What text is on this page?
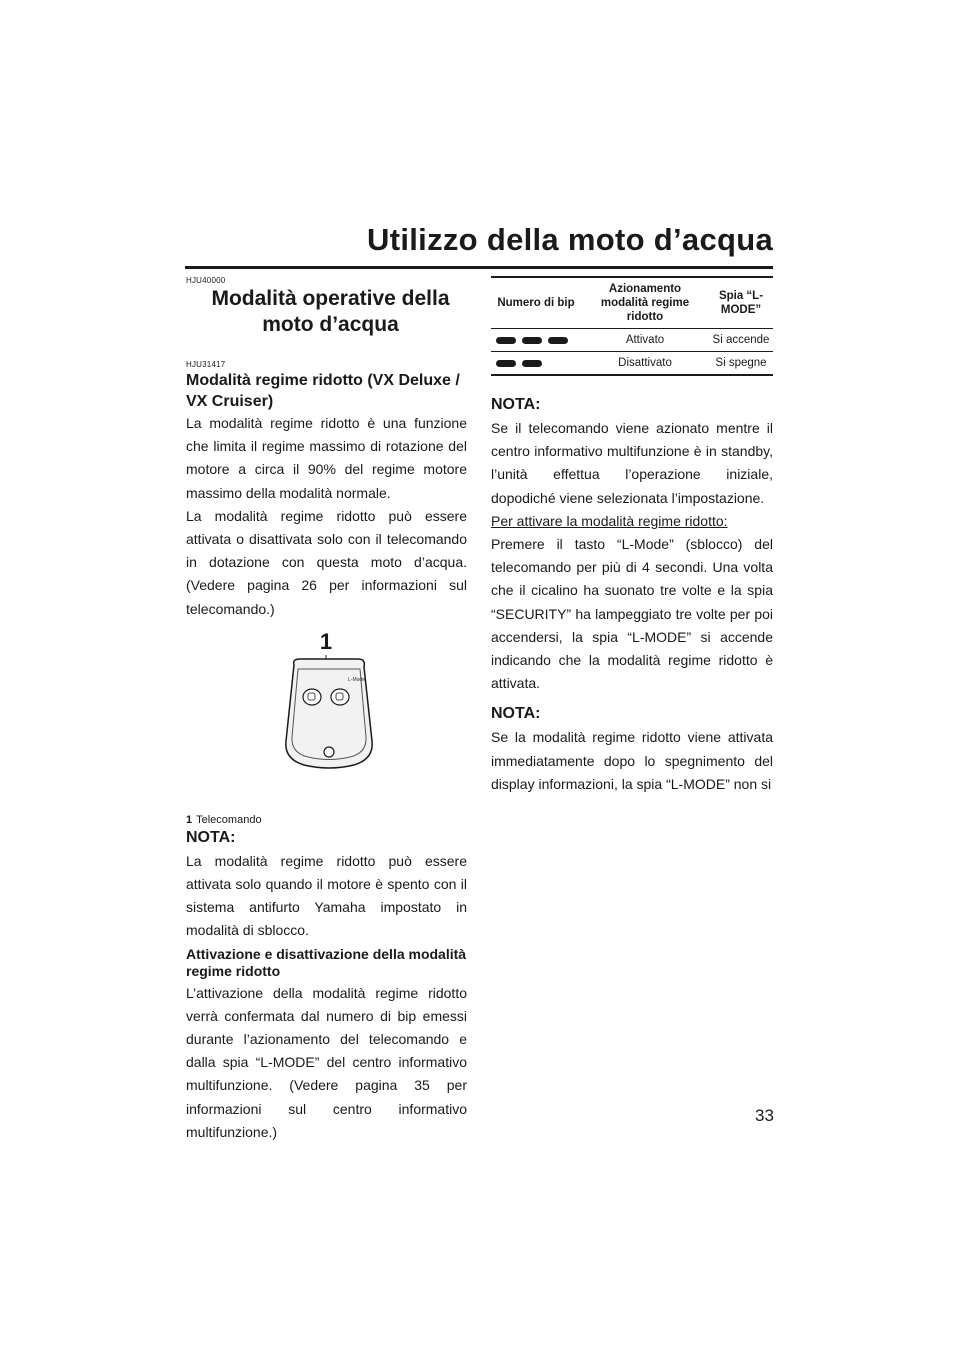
Utilizzo della moto d’acqua
HJU40000
Modalità operative della moto d’acqua
HJU31417
Modalità regime ridotto (VX Deluxe / VX Cruiser)

La modalità regime ridotto è una funzione che limita il regime massimo di rotazione del motore a circa il 90% del regime motore massimo della modalità normale.

La modalità regime ridotto può essere attivata o disattivata solo con il telecomando in dotazione con questa moto d’acqua. (Vedere pagina 26 per informazioni sul telecomando.)

1
L-Mode
1 Telecomando
NOTA:

La modalità regime ridotto può essere attivata solo quando il motore è spento con il sistema antifurto Yamaha impostato in modalità di sblocco.

Attivazione e disattivazione della modalità regime ridotto

L’attivazione della modalità regime ridotto verrà confermata dal numero di bip emessi durante l’azionamento del telecomando e dalla spia “L-MODE” del centro informativo multifunzione. (Vedere pagina 35 per informazioni sul centro informativo multifunzione.)

Numero di bip	Azionamento modalità regime ridotto	Spia “L-MODE”

	Attivato	Si accende

	Disattivato	Si spegne
NOTA:

Se il telecomando viene azionato mentre il centro informativo multifunzione è in standby, l’unità effettua l’operazione iniziale, dopodiché viene selezionata l’impostazione.

Per attivare la modalità regime ridotto:

Premere il tasto “L-Mode” (sblocco) del telecomando per più di 4 secondi. Una volta che il cicalino ha suonato tre volte e la spia “SECURITY” ha lampeggiato tre volte per poi accendersi, la spia “L-MODE” si accende indicando che la modalità regime ridotto è attivata.

NOTA:

Se la modalità regime ridotto viene attivata immediatamente dopo lo spegnimento del display informazioni, la spia “L-MODE” non si

33
